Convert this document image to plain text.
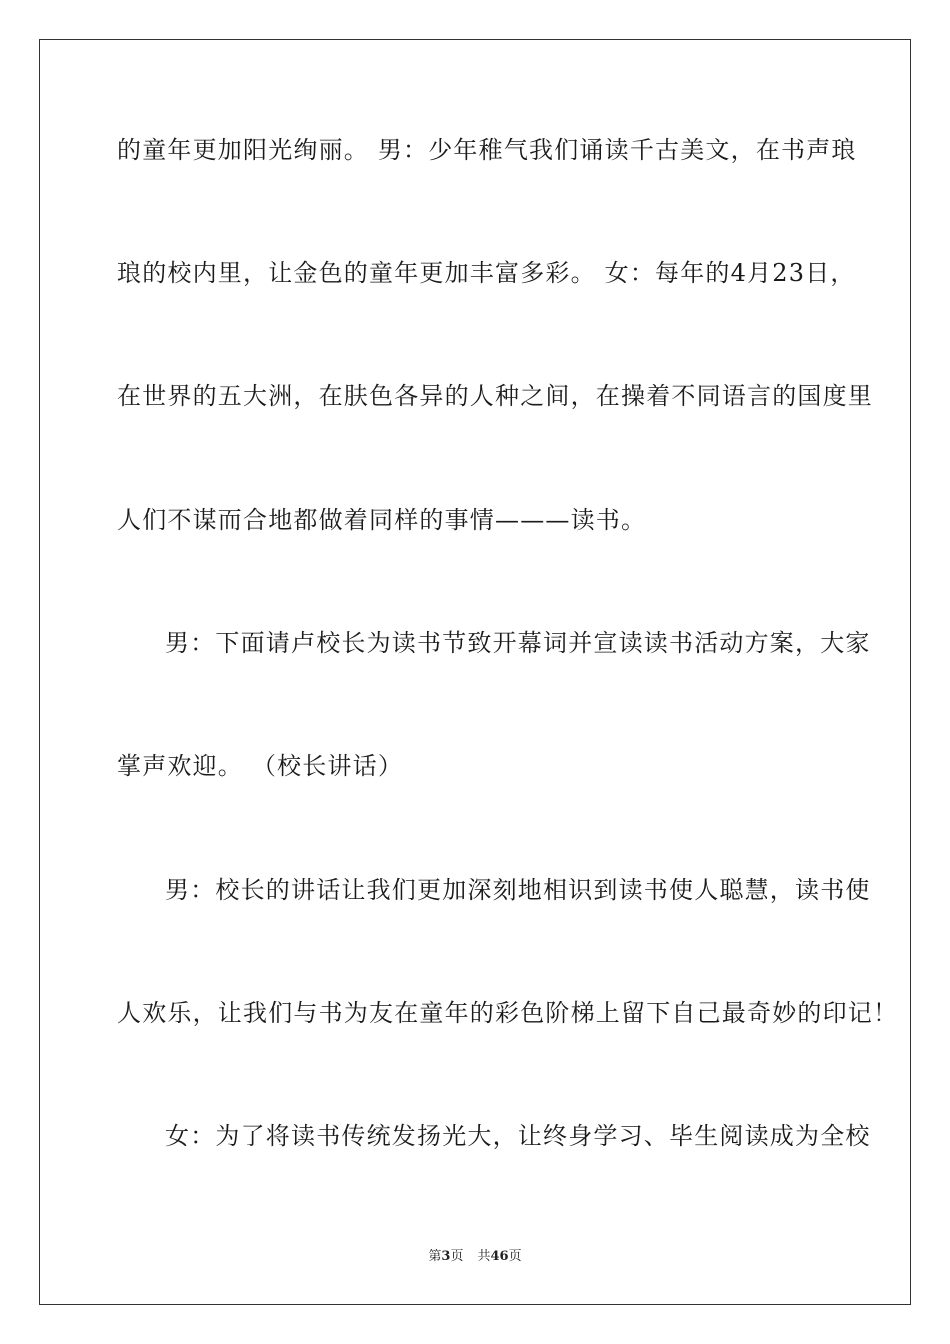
的童年更加阳光绚丽。 男：少年稚气我们诵读千古美文，在书声琅
琅的校内里，让金色的童年更加丰富多彩。 女：每年的4月23日，
在世界的五大洲，在肤色各异的人种之间，在操着不同语言的国度里
人们不谋而合地都做着同样的事情———读书。
男：下面请卢校长为读书节致开幕词并宣读读书活动方案，大家
掌声欢迎。 （校长讲话）
男：校长的讲话让我们更加深刻地相识到读书使人聪慧，读书使
人欢乐，让我们与书为友在童年的彩色阶梯上留下自己最奇妙的印记！
女：为了将读书传统发扬光大，让终身学习、毕生阅读成为全校
第3页 共46页
